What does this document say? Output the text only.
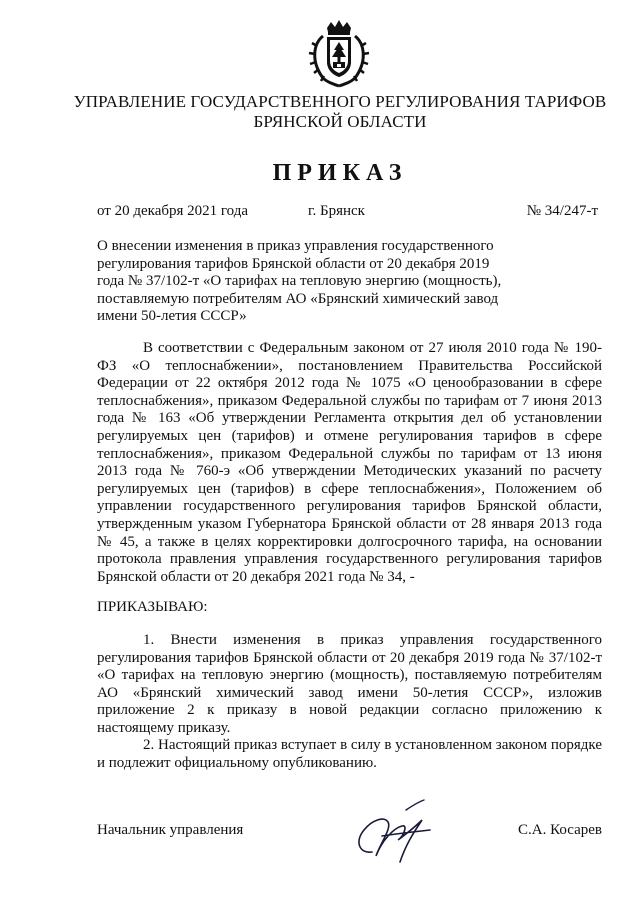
УПРАВЛЕНИЕ ГОСУДАРСТВЕННОГО РЕГУЛИРОВАНИЯ ТАРИФОВ
БРЯНСКОЙ ОБЛАСТИ
ПРИКАЗ
от 20 декабря 2021 года	г. Брянск	№ 34/247-т
О внесении изменения в приказ управления государственного регулирования тарифов Брянской области от 20 декабря 2019 года № 37/102-т «О тарифах на тепловую энергию (мощность), поставляемую потребителям АО «Брянский химический завод имени 50-летия СССР»
В соответствии с Федеральным законом от 27 июля 2010 года № 190-ФЗ «О теплоснабжении», постановлением Правительства Российской Федерации от 22 октября 2012 года № 1075 «О ценообразовании в сфере теплоснабжения», приказом Федеральной службы по тарифам от 7 июня 2013 года № 163 «Об утверждении Регламента открытия дел об установлении регулируемых цен (тарифов) и отмене регулирования тарифов в сфере теплоснабжения», приказом Федеральной службы по тарифам от 13 июня 2013 года № 760-э «Об утверждении Методических указаний по расчету регулируемых цен (тарифов) в сфере теплоснабжения», Положением об управлении государственного регулирования тарифов Брянской области, утвержденным указом Губернатора Брянской области от 28 января 2013 года № 45, а также в целях корректировки долгосрочного тарифа, на основании протокола правления управления государственного регулирования тарифов Брянской области от 20 декабря 2021 года № 34, -
ПРИКАЗЫВАЮ:
1. Внести изменения в приказ управления государственного регулирования тарифов Брянской области от 20 декабря 2019 года № 37/102-т «О тарифах на тепловую энергию (мощность), поставляемую потребителям АО «Брянский химический завод имени 50-летия СССР», изложив приложение 2 к приказу в новой редакции согласно приложению к настоящему приказу.
2. Настоящий приказ вступает в силу в установленном законом порядке и подлежит официальному опубликованию.
Начальник управления	С.А. Косарев
